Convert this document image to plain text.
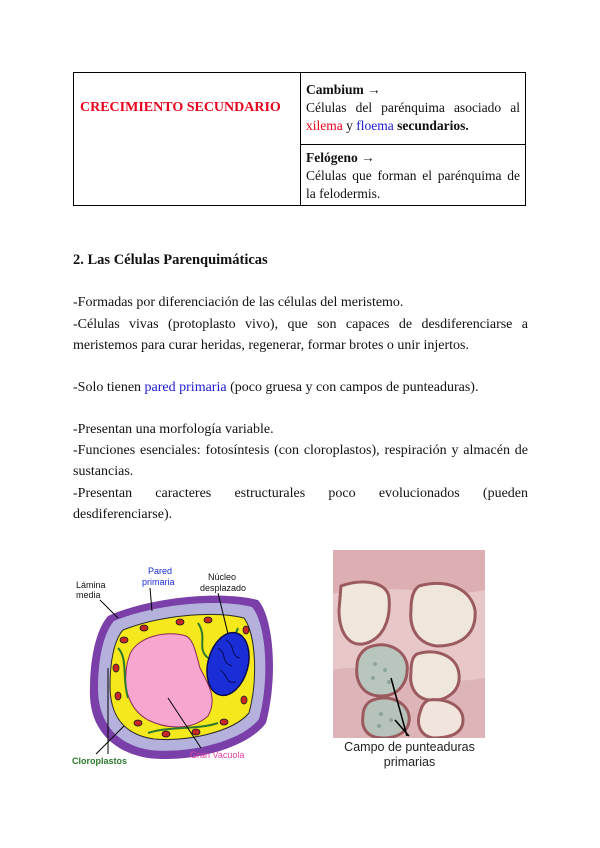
CRECIMIENTO SECUNDARIO
Cambium →
Células del parénquima asociado al xilema y floema secundarios.
Felógeno →
Células que forman el parénquima de la felodermis.
2. Las Células Parenquimáticas
-Formadas por diferenciación de las células del meristemo.
-Células vivas (protoplasto vivo), que son capaces de desdiferenciarse a meristemos para curar heridas, regenerar, formar brotes o unir injertos.
-Solo tienen pared primaria (poco gruesa y con campos de punteaduras).
-Presentan una morfología variable.
-Funciones esenciales: fotosíntesis (con cloroplastos), respiración y almacén de sustancias.
-Presentan caracteres estructurales poco evolucionados (pueden desdiferenciarse).
Lámina
media
Pared
primaria	Núcleo
desplazado
Cloroplastos
Gran Vacuola
Campo de punteaduras primarias
